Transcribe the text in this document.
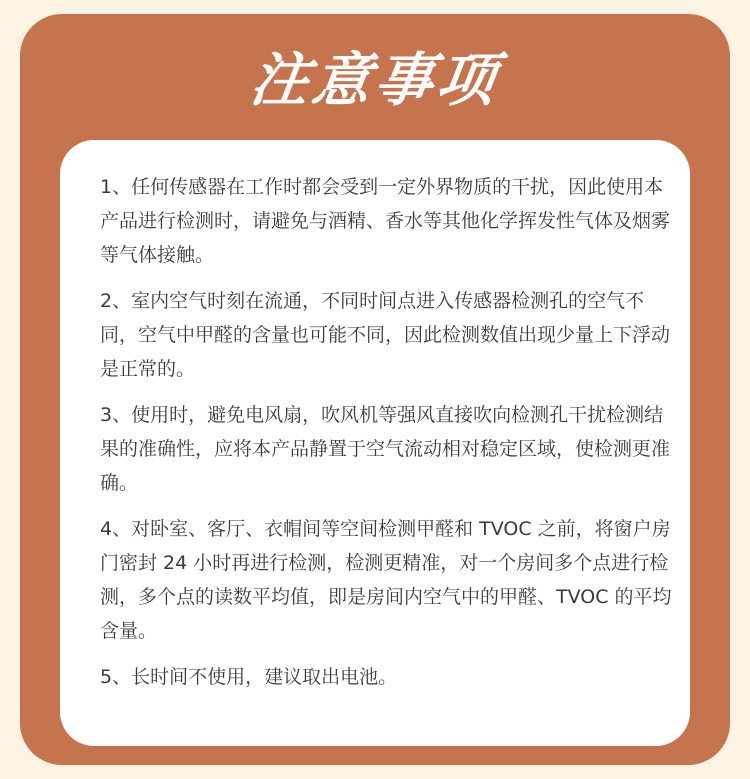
注意事项
1、任何传感器在工作时都会受到一定外界物质的干扰，因此使用本产品进行检测时，请避免与酒精、香水等其他化学挥发性气体及烟雾等气体接触。
2、室内空气时刻在流通，不同时间点进入传感器检测孔的空气不同，空气中甲醛的含量也可能不同，因此检测数值出现少量上下浮动是正常的。
3、使用时，避免电风扇，吹风机等强风直接吹向检测孔干扰检测结果的准确性，应将本产品静置于空气流动相对稳定区域，使检测更准确。
4、对卧室、客厅、衣帽间等空间检测甲醛和 TVOC 之前，将窗户房门密封 24 小时再进行检测，检测更精准，对一个房间多个点进行检测，多个点的读数平均值，即是房间内空气中的甲醛、TVOC 的平均含量。
5、长时间不使用，建议取出电池。
